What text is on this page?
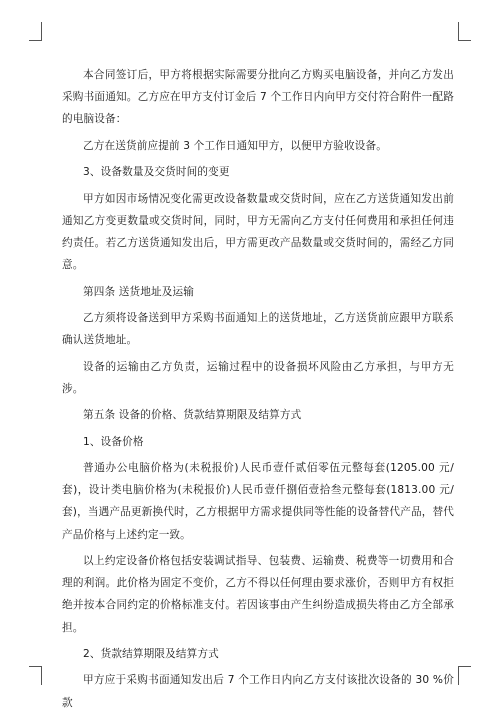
本合同签订后，甲方将根据实际需要分批向乙方购买电脑设备，并向乙方发出采购书面通知。乙方应在甲方支付订金后 7 个工作日内向甲方交付符合附件一配路的电脑设备：

乙方在送货前应提前 3 个工作日通知甲方，以便甲方验收设备。

3、设备数量及交货时间的变更

甲方如因市场情况变化需更改设备数量或交货时间，应在乙方送货通知发出前通知乙方变更数量或交货时间，同时，甲方无需向乙方支付任何费用和承担任何违约责任。若乙方送货通知发出后，甲方需更改产品数量或交货时间的，需经乙方同意。

第四条 送货地址及运输

乙方须将设备送到甲方采购书面通知上的送货地址，乙方送货前应跟甲方联系确认送货地址。

设备的运输由乙方负责，运输过程中的设备损坏风险由乙方承担，与甲方无涉。

第五条 设备的价格、货款结算期限及结算方式

1、设备价格

普通办公电脑价格为(未税报价)人民币壹仟贰佰零伍元整每套(1205.00 元/套)，设计类电脑价格为(未税报价)人民币壹仟捌佰壹拾叁元整每套(1813.00 元/套)，当遇产品更新换代时，乙方根据甲方需求提供同等性能的设备替代产品，替代产品价格与上述约定一致。

以上约定设备价格包括安装调试指导、包装费、运输费、税费等一切费用和合理的利润。此价格为固定不变价，乙方不得以任何理由要求涨价，否则甲方有权拒绝并按本合同约定的价格标准支付。若因该事由产生纠纷造成损失将由乙方全部承担。

2、货款结算期限及结算方式

甲方应于采购书面通知发出后 7 个工作日内向乙方支付该批次设备的 30 %价款
